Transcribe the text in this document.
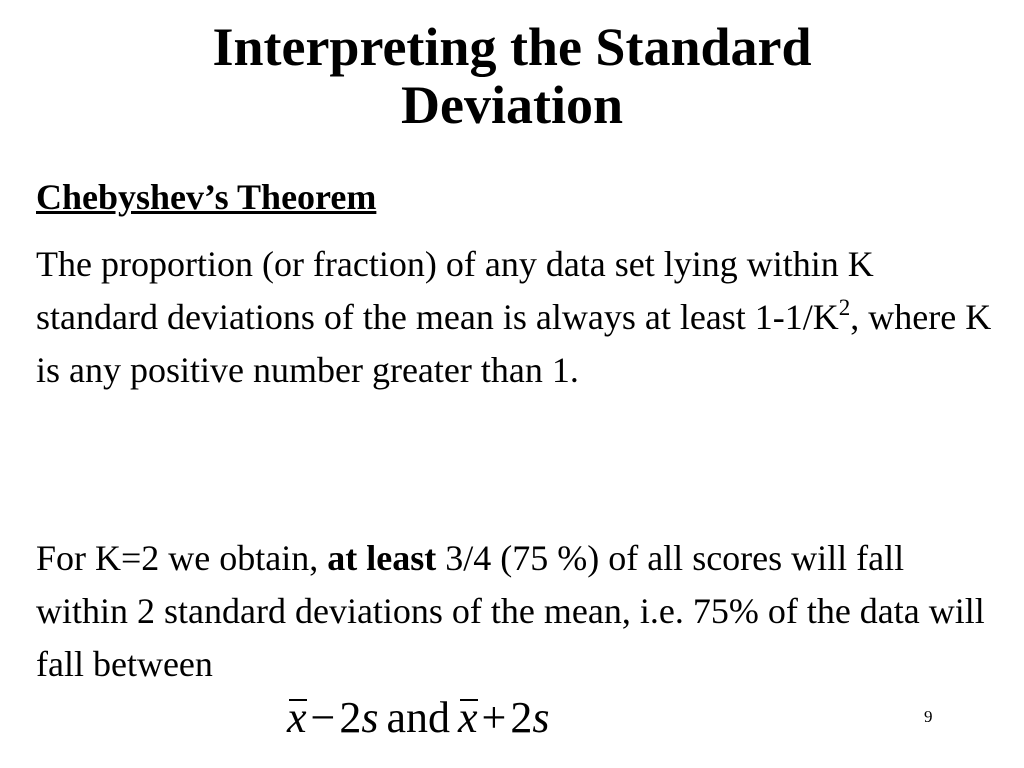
Interpreting the Standard
Deviation
Chebyshev’s Theorem

The proportion (or fraction) of any data set lying within K standard deviations of the mean is always at least $1-1/K^2$, where K is any positive number greater than 1.

For K=2 we obtain, at least 3/4 (75 %) of all scores will fall within 2 standard deviations of the mean, i.e. 75% of the data will fall between

x−2s and x+2s	9
